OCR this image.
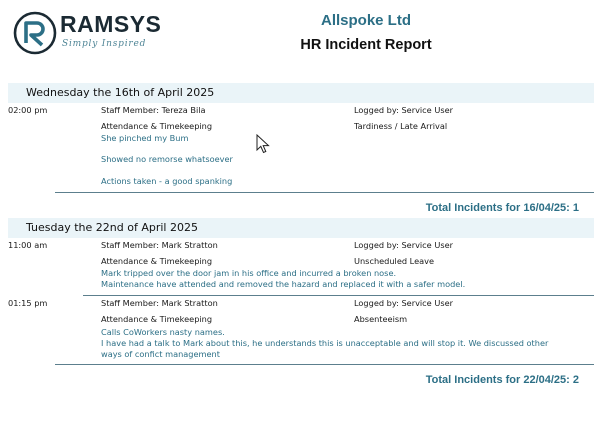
RAMSYS
Simply Inspired
Allspoke Ltd
HR Incident Report
Wednesday the 16th of April 2025
02:00 pm	Staff Member: Tereza Bila	Logged by: Service User
Attendance & Timekeeping	Tardiness / Late Arrival
She pinched my Bum
Showed no remorse whatsoever
Actions taken - a good spanking
Total Incidents for 16/04/25: 1
Tuesday the 22nd of April 2025
11:00 am	Staff Member: Mark Stratton	Logged by: Service User
Attendance & Timekeeping	Unscheduled Leave
Mark tripped over the door jam in his office and incurred a broken nose.
Maintenance have attended and removed the hazard and replaced it with a safer model.
01:15 pm	Staff Member: Mark Stratton	Logged by: Service User
Attendance & Timekeeping	Absenteeism
Calls CoWorkers nasty names.
I have had a talk to Mark about this, he understands this is unacceptable and will stop it. We discussed other
ways of confict management
Total Incidents for 22/04/25: 2
